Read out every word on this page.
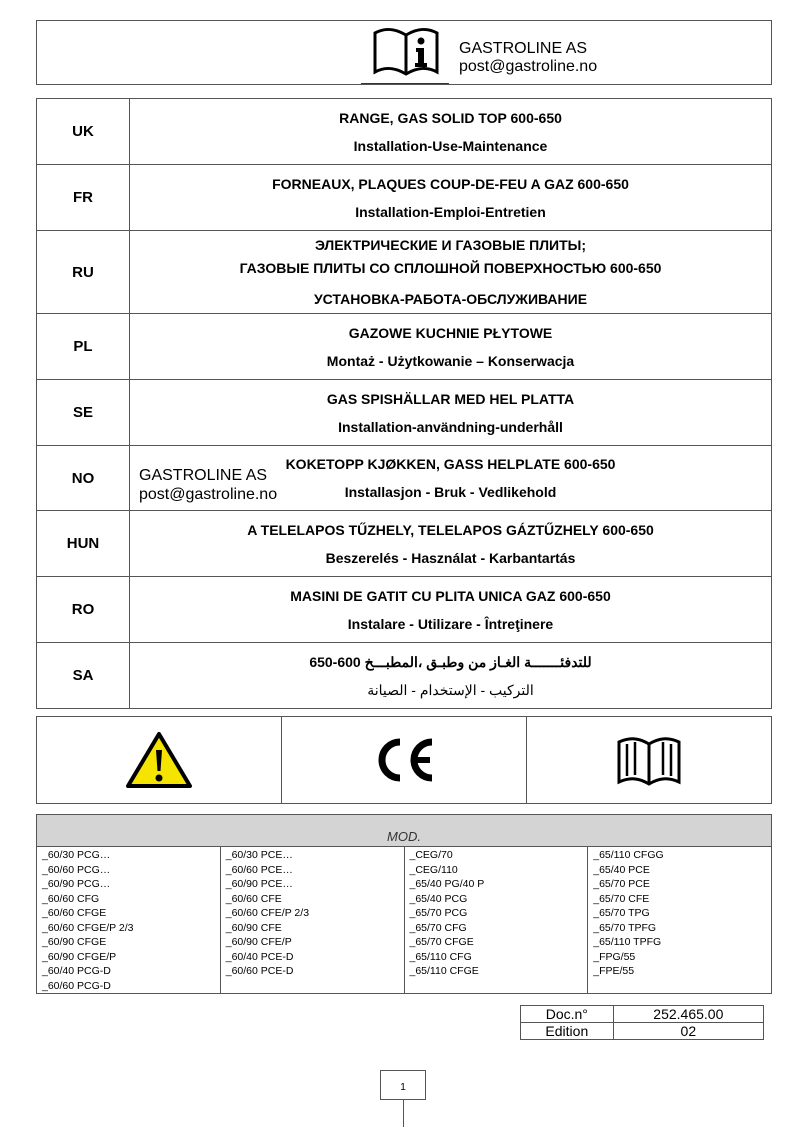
GASTROLINE AS
post@gastroline.no
UK	RANGE, GAS SOLID TOP 600-650
Installation-Use-Maintenance

FR	FORNEAUX, PLAQUES COUP-DE-FEU A GAZ 600-650
Installation-Emploi-Entretien

RU	ЭЛЕКТРИЧЕСКИЕ И ГАЗОВЫЕ ПЛИТЫ;
ГАЗОВЫЕ ПЛИТЫ СО СПЛОШНОЙ ПОВЕРХНОСТЬЮ 600-650
УСТАНОВКА-РАБОТА-ОБСЛУЖИВАНИЕ

PL	GAZOWE KUCHNIE PŁYTOWE
Montaż - Użytkowanie – Konserwacja

SE	GAS SPISHÄLLAR MED HEL PLATTA
Installation-användning-underhåll

NO	KOKETOPP KJØKKEN, GASS HELPLATE 600-650
Installasjon - Bruk - Vedlikehold

HUN	A TELELAPOS TŰZHELY, TELELAPOS GÁZTŰZHELY 600-650
Beszerelés - Használat - Karbantartás

RO	MASINI DE GATIT CU PLITA UNICA GAZ 600-650
Instalare - Utilizare - Întreţinere

SA	للتدفئـــــــة الغـاز من وطبـق ،المطبـــخ 600-650
التركيب - الإستخدام - الصيانة
GASTROLINE AS
post@gastroline.no
MOD.
_60/30 PCG…
_60/60 PCG…
_60/90 PCG…
_60/60 CFG
_60/60 CFGE
_60/60 CFGE/P 2/3
_60/90 CFGE
_60/90 CFGE/P
_60/40 PCG-D
_60/60 PCG-D
_60/30 PCE…
_60/60 PCE…
_60/90 PCE…
_60/60 CFE
_60/60 CFE/P 2/3
_60/90 CFE
_60/90 CFE/P
_60/40 PCE-D
_60/60 PCE-D
_CEG/70
_CEG/110
_65/40 PG/40 P
_65/40 PCG
_65/70 PCG
_65/70 CFG
_65/70 CFGE
_65/110 CFG
_65/110 CFGE
_65/110 CFGG
_65/40 PCE
_65/70 PCE
_65/70 CFE
_65/70 TPG
_65/70 TPFG
_65/110 TPFG
_FPG/55
_FPE/55
Doc.n°	252.465.00
Edition	02
1
